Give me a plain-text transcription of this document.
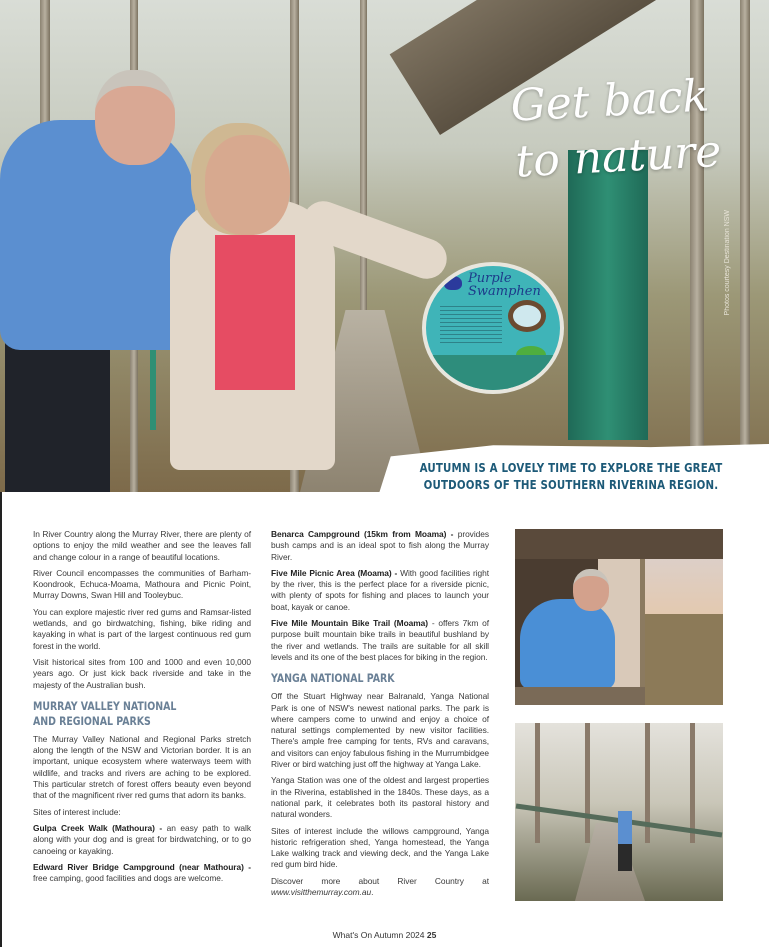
Purple Swamphen
Get back
to nature
Photos courtesy Destination NSW
AUTUMN IS A LOVELY TIME TO EXPLORE THE GREAT OUTDOORS OF THE SOUTHERN RIVERINA REGION.

In River Country along the Murray River, there are plenty of options to enjoy the mild weather and see the leaves fall and change colour in a range of beautiful locations.

River Council encompasses the communities of Barham-Koondrook, Echuca-Moama, Mathoura and Picnic Point, Murray Downs, Swan Hill and Tooleybuc.

You can explore majestic river red gums and Ramsar-listed wetlands, and go birdwatching, fishing, bike riding and kayaking in what is part of the largest continuous red gum forest in the world.

Visit historical sites from 100 and 1000 and even 10,000 years ago. Or just kick back riverside and take in the majesty of the Australian bush.

MURRAY VALLEY NATIONAL
AND REGIONAL PARKS

The Murray Valley National and Regional Parks stretch along the length of the NSW and Victorian border. It is an important, unique ecosystem where waterways teem with wildlife, and tracks and rivers are aching to be explored. This particular stretch of forest offers beauty even beyond that of the magnificent river red gums that adorn its banks.

Sites of interest include:

Gulpa Creek Walk (Mathoura) - an easy path to walk along with your dog and is great for birdwatching, or to go canoeing or kayaking.

Edward River Bridge Campground (near Mathoura) - free camping, good facilities and dogs are welcome.

Benarca Campground (15km from Moama) - provides bush camps and is an ideal spot to fish along the Murray River.

Five Mile Picnic Area (Moama) - With good facilities right by the river, this is the perfect place for a riverside picnic, with plenty of spots for fishing and places to launch your boat, kayak or canoe.

Five Mile Mountain Bike Trail (Moama) - offers 7km of purpose built mountain bike trails in beautiful bushland by the river and wetlands. The trails are suitable for all skill levels and its one of the best places for biking in the region.

YANGA NATIONAL PARK

Off the Stuart Highway near Balranald, Yanga National Park is one of NSW's newest national parks. The park is where campers come to unwind and enjoy a choice of natural settings complemented by new visitor facilities. There's ample free camping for tents, RVs and caravans, and visitors can enjoy fabulous fishing in the Murrumbidgee River or bird watching just off the highway at Yanga Lake.

Yanga Station was one of the oldest and largest properties in the Riverina, established in the 1840s. These days, as a national park, it celebrates both its pastoral history and natural wonders.

Sites of interest include the willows campground, Yanga historic refrigeration shed, Yanga homestead, the Yanga Lake walking track and viewing deck, and the Yanga Lake red gum bird hide.

Discover more about River Country at www.visitthemurray.com.au.

What's On Autumn 2024 25
